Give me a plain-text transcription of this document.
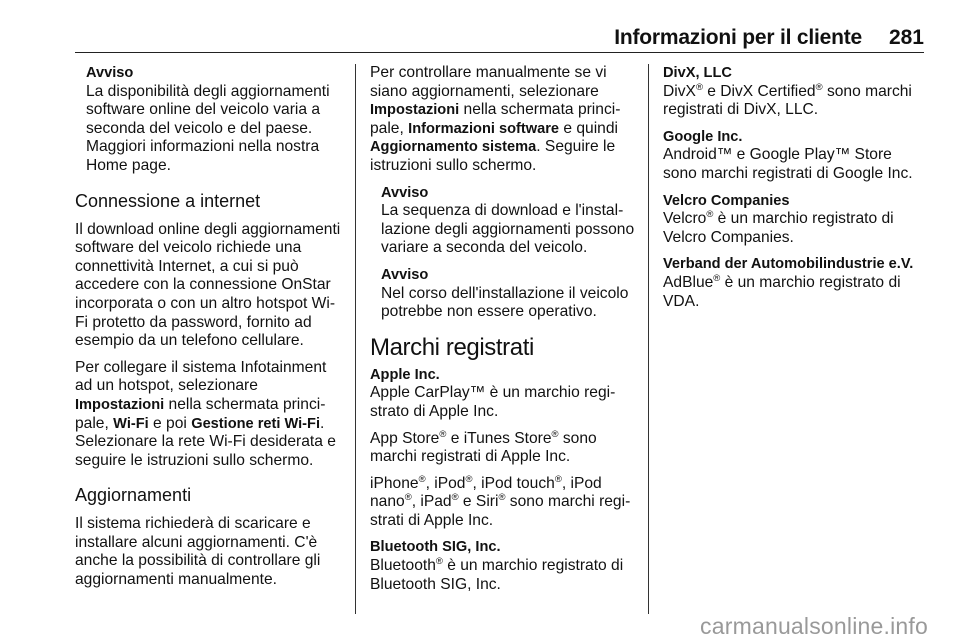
Informazioni per il cliente 281
Avviso
La disponibilità degli aggiornamenti software online del veicolo varia a seconda del veicolo e del paese. Maggiori informazioni nella nostra Home page.
Connessione a internet
Il download online degli aggiornamenti software del veicolo richiede una connettività Internet, a cui si può accedere con la connessione OnStar incorporata o con un altro hotspot Wi-Fi protetto da password, fornito ad esempio da un telefono cellulare.
Per collegare il sistema Infotainment ad un hotspot, selezionare Impostazioni nella schermata principale, Wi-Fi e poi Gestione reti Wi-Fi. Selezionare la rete Wi-Fi desiderata e seguire le istruzioni sullo schermo.
Aggiornamenti
Il sistema richiederà di scaricare e installare alcuni aggiornamenti. C'è anche la possibilità di controllare gli aggiornamenti manualmente.
Per controllare manualmente se vi siano aggiornamenti, selezionare Impostazioni nella schermata principale, Informazioni software e quindi Aggiornamento sistema. Seguire le istruzioni sullo schermo.
Avviso
La sequenza di download e l'installazione degli aggiornamenti possono variare a seconda del veicolo.
Avviso
Nel corso dell'installazione il veicolo potrebbe non essere operativo.
Marchi registrati
Apple Inc.
Apple CarPlay™ è un marchio registrato di Apple Inc.
App Store® e iTunes Store® sono marchi registrati di Apple Inc.
iPhone®, iPod®, iPod touch®, iPod nano®, iPad® e Siri® sono marchi registrati di Apple Inc.
Bluetooth SIG, Inc.
Bluetooth® è un marchio registrato di Bluetooth SIG, Inc.
DivX, LLC
DivX® e DivX Certified® sono marchi registrati di DivX, LLC.
Google Inc.
Android™ e Google Play™ Store sono marchi registrati di Google Inc.
Velcro Companies
Velcro® è un marchio registrato di Velcro Companies.
Verband der Automobilindustrie e.V.
AdBlue® è un marchio registrato di VDA.
carmanualsonline.info
